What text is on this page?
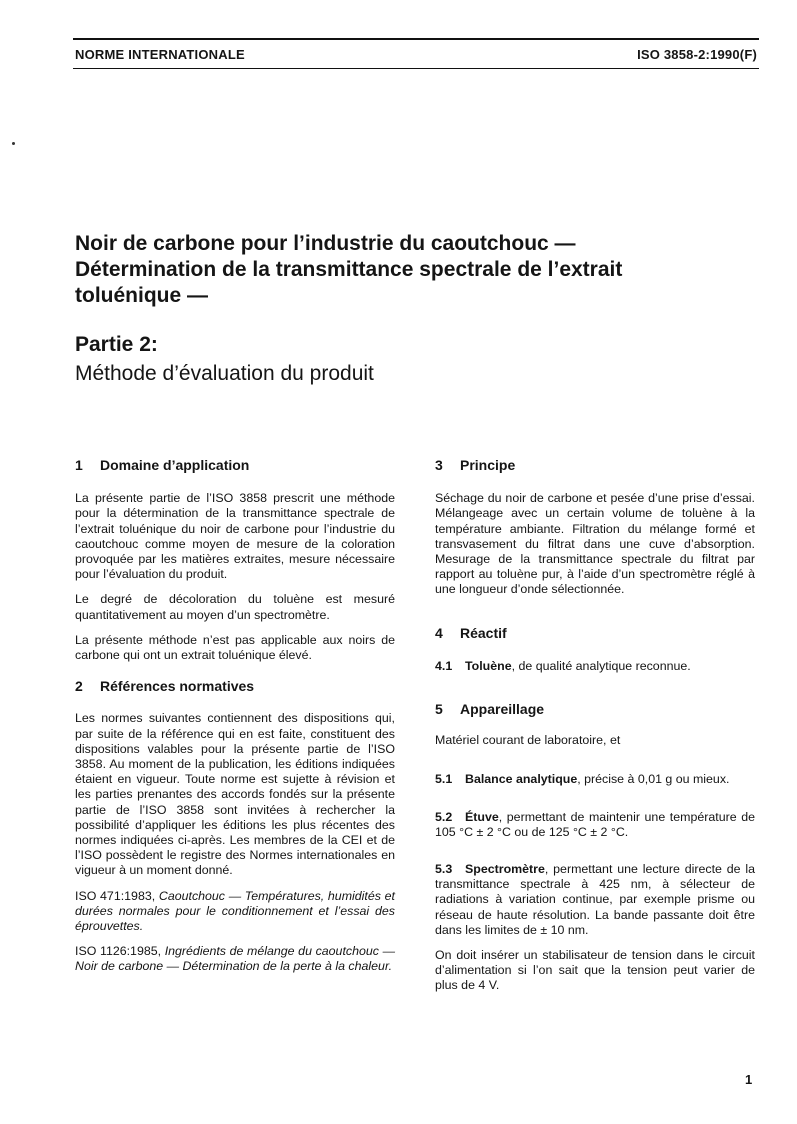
NORME INTERNATIONALE	ISO 3858-2:1990(F)
Noir de carbone pour l’industrie du caoutchouc —
Détermination de la transmittance spectrale de l’extrait
toluénique —
Partie 2:
Méthode d’évaluation du produit
1	Domaine d’application

La présente partie de l’ISO 3858 prescrit une méthode pour la détermination de la transmittance spectrale de l’extrait toluénique du noir de carbone pour l’industrie du caoutchouc comme moyen de mesure de la coloration provoquée par les matières extraites, mesure nécessaire pour l’évaluation du produit.

Le degré de décoloration du toluène est mesuré quantitativement au moyen d’un spectromètre.

La présente méthode n’est pas applicable aux noirs de carbone qui ont un extrait toluénique élevé.

2	Références normatives

Les normes suivantes contiennent des dispositions qui, par suite de la référence qui en est faite, constituent des dispositions valables pour la présente partie de l’ISO 3858. Au moment de la publication, les éditions indiquées étaient en vigueur. Toute norme est sujette à révision et les parties prenantes des accords fondés sur la présente partie de l’ISO 3858 sont invitées à rechercher la possibilité d’appliquer les éditions les plus récentes des normes indiquées ci-après. Les membres de la CEI et de l’ISO possèdent le registre des Normes internationales en vigueur à un moment donné.

ISO 471:1983, Caoutchouc — Températures, humidités et durées normales pour le conditionnement et l’essai des éprouvettes.

ISO 1126:1985, Ingrédients de mélange du caoutchouc — Noir de carbone — Détermination de la perte à la chaleur.

3	Principe

Séchage du noir de carbone et pesée d’une prise d’essai. Mélangeage avec un certain volume de toluène à la température ambiante. Filtration du mélange formé et transvasement du filtrat dans une cuve d’absorption. Mesurage de la transmittance spectrale du filtrat par rapport au toluène pur, à l’aide d’un spectromètre réglé à une longueur d’onde sélectionnée.

4	Réactif

4.1 Toluène, de qualité analytique reconnue.

5	Appareillage

Matériel courant de laboratoire, et

5.1 Balance analytique, précise à 0,01 g ou mieux.

5.2 Étuve, permettant de maintenir une température de 105 °C ± 2 °C ou de 125 °C ± 2 °C.

5.3 Spectromètre, permettant une lecture directe de la transmittance spectrale à 425 nm, à sélecteur de radiations à variation continue, par exemple prisme ou réseau de haute résolution. La bande passante doit être dans les limites de ± 10 nm.

On doit insérer un stabilisateur de tension dans le circuit d’alimentation si l’on sait que la tension peut varier de plus de 4 V.

1
